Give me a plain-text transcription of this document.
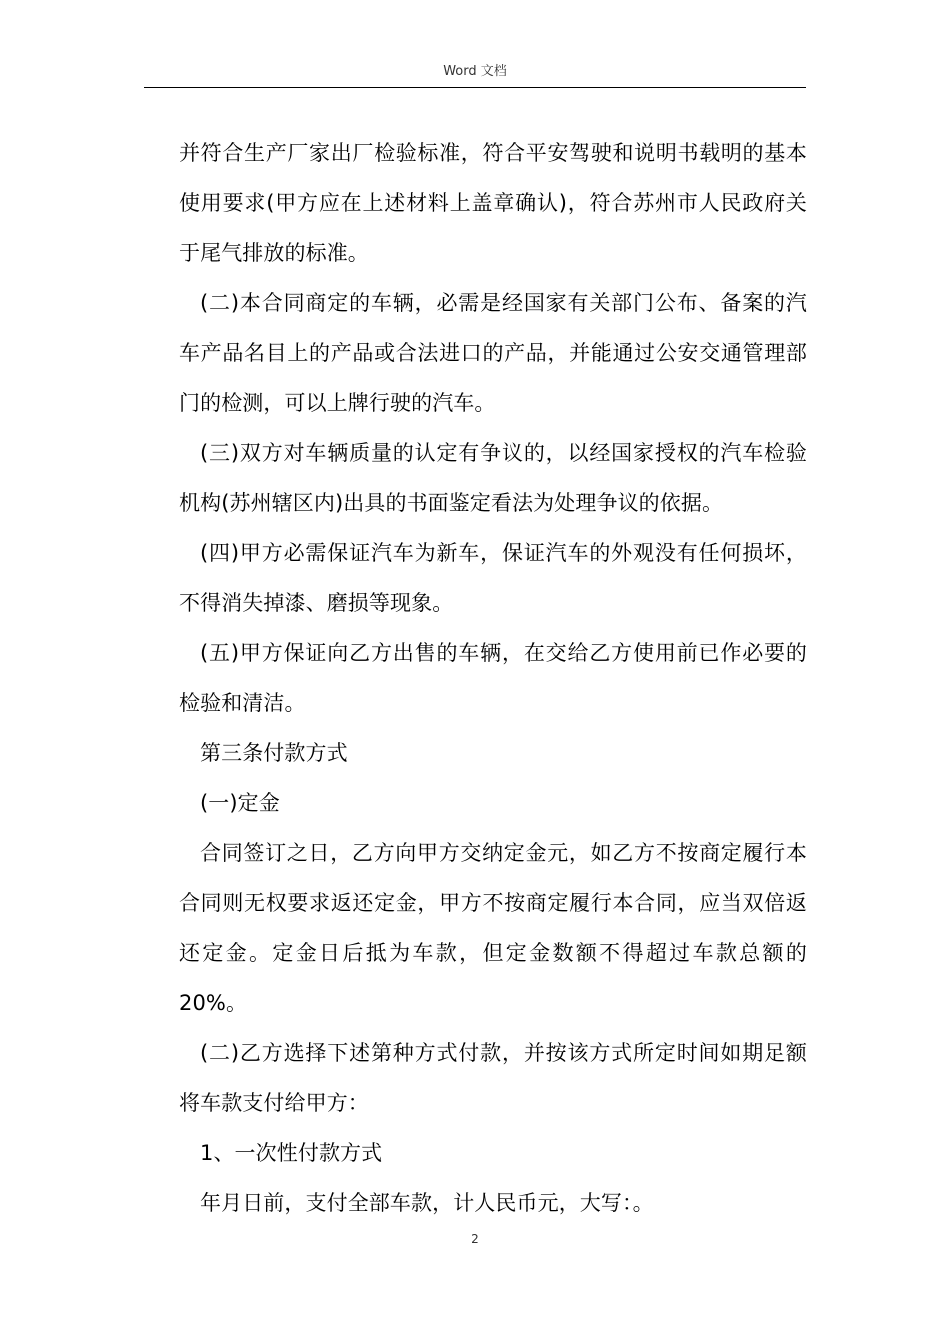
Word 文档

并符合生产厂家出厂检验标准，符合平安驾驶和说明书载明的基本使用要求(甲方应在上述材料上盖章确认)，符合苏州市人民政府关于尾气排放的标准。

(二)本合同商定的车辆，必需是经国家有关部门公布、备案的汽车产品名目上的产品或合法进口的产品，并能通过公安交通管理部门的检测，可以上牌行驶的汽车。

(三)双方对车辆质量的认定有争议的，以经国家授权的汽车检验机构(苏州辖区内)出具的书面鉴定看法为处理争议的依据。

(四)甲方必需保证汽车为新车，保证汽车的外观没有任何损坏，不得消失掉漆、磨损等现象。

(五)甲方保证向乙方出售的车辆，在交给乙方使用前已作必要的检验和清洁。

第三条付款方式

(一)定金

合同签订之日，乙方向甲方交纳定金元，如乙方不按商定履行本合同则无权要求返还定金，甲方不按商定履行本合同，应当双倍返还定金。定金日后抵为车款，但定金数额不得超过车款总额的 20%。

(二)乙方选择下述第种方式付款，并按该方式所定时间如期足额将车款支付给甲方：

1、一次性付款方式

年月日前，支付全部车款，计人民币元，大写：。

2
